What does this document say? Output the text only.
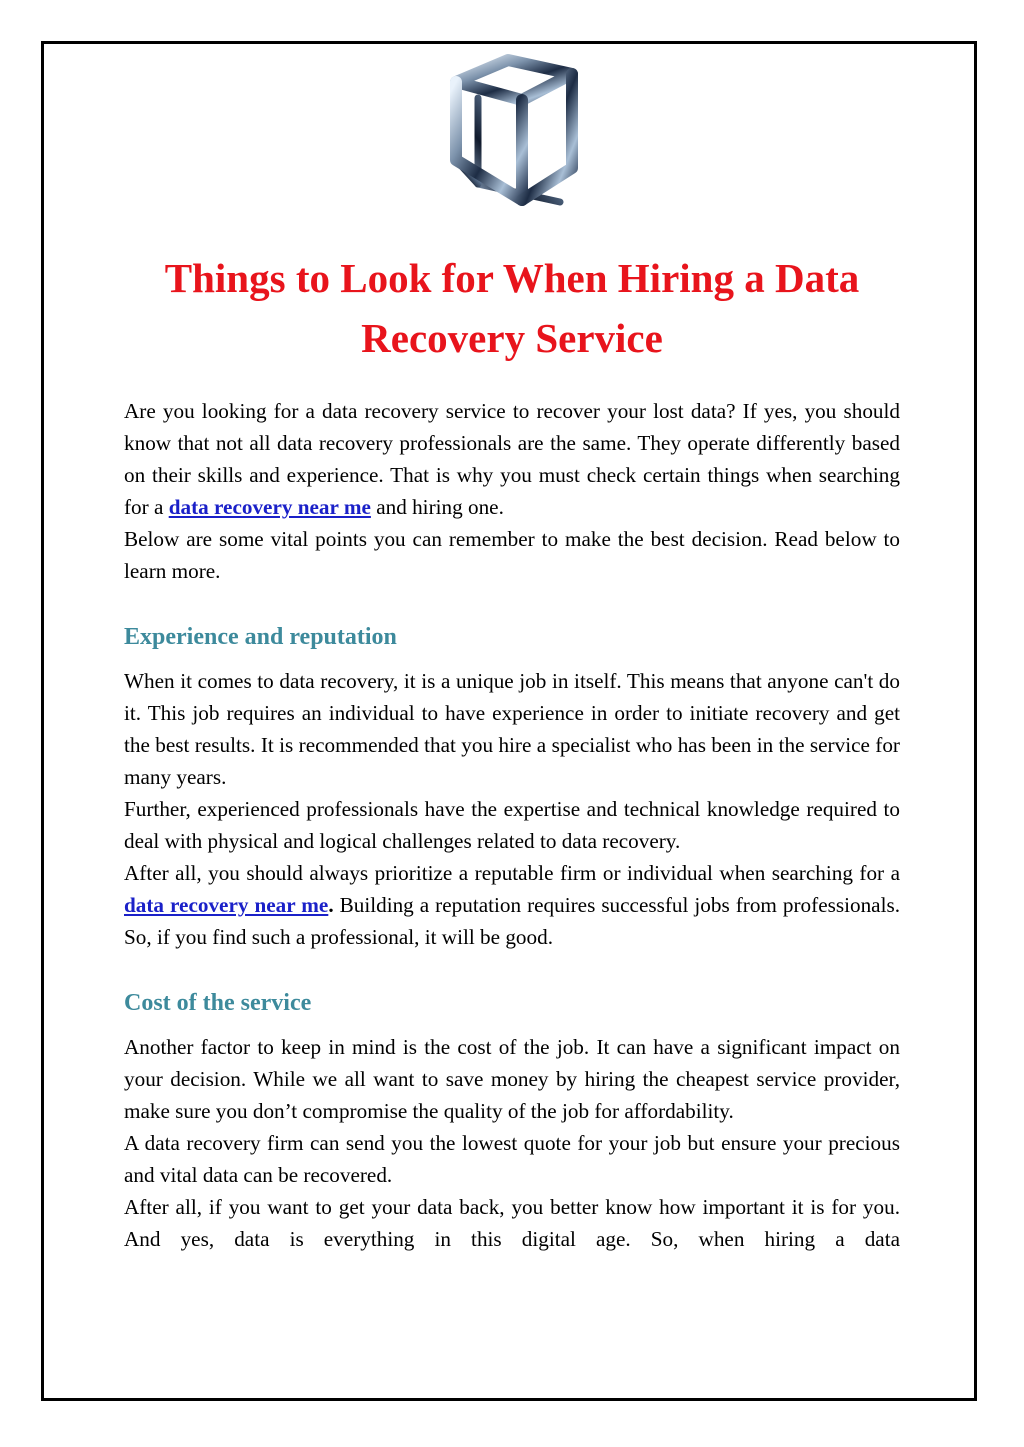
Things to Look for When Hiring a Data Recovery Service

Are you looking for a data recovery service to recover your lost data? If yes, you should know that not all data recovery professionals are the same. They operate differently based on their skills and experience. That is why you must check certain things when searching for a data recovery near me and hiring one.

Below are some vital points you can remember to make the best decision. Read below to learn more.

Experience and reputation

When it comes to data recovery, it is a unique job in itself. This means that anyone can't do it. This job requires an individual to have experience in order to initiate recovery and get the best results. It is recommended that you hire a specialist who has been in the service for many years.

Further, experienced professionals have the expertise and technical knowledge required to deal with physical and logical challenges related to data recovery.

After all, you should always prioritize a reputable firm or individual when searching for a data recovery near me. Building a reputation requires successful jobs from professionals. So, if you find such a professional, it will be good.

Cost of the service

Another factor to keep in mind is the cost of the job. It can have a significant impact on your decision. While we all want to save money by hiring the cheapest service provider, make sure you don’t compromise the quality of the job for affordability.

A data recovery firm can send you the lowest quote for your job but ensure your precious and vital data can be recovered.

After all, if you want to get your data back, you better know how important it is for you. And yes, data is everything in this digital age. So, when hiring a data
